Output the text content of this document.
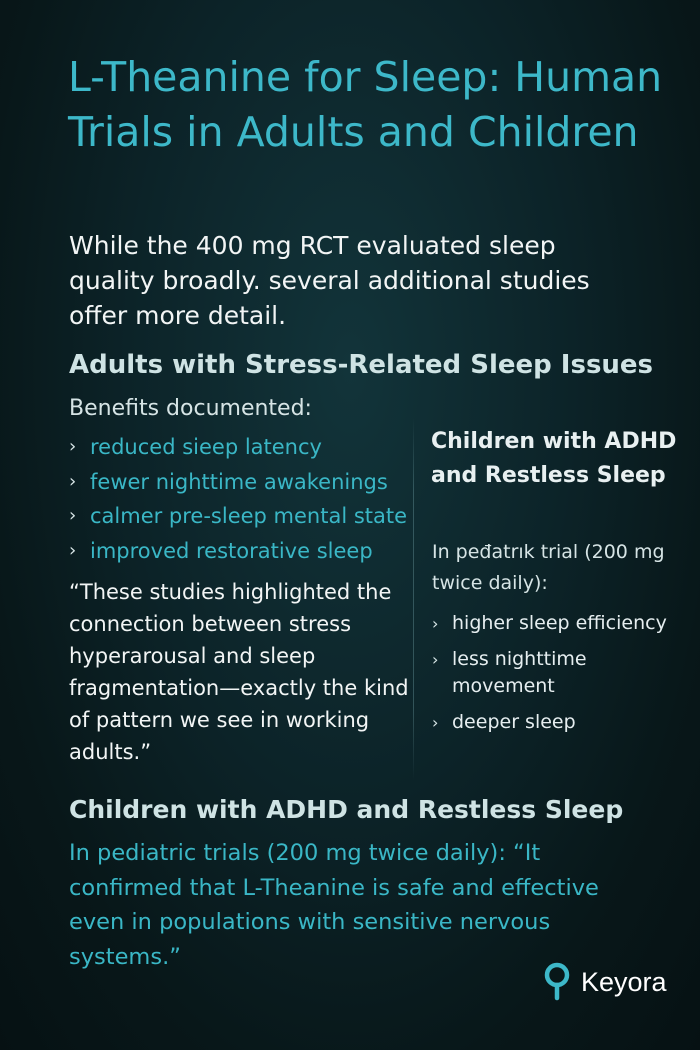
L-Theanine for Sleep: Human Trials in Adults and Children

While the 400 mg RCT evaluated sleep quality broadly. several additional studies offer more detail.

Adults with Stress-Related Sleep Issues
Benefits documented:
› reduced sieep latency
› fewer nighttime awakenings
› calmer pre-sleep mental state
› improved restorative sleep

“These studies highlighted the connection between stress hyperarousal and sleep fragmentation—exactly the kind of pattern we see in working adults.”

Children with ADHD and Restless Sleep

In peđatrık trial (200 mg twice daily):

› higher sleep efficiency
› less nighttime movement
› deeper sleep
Children with ADHD and Restless Sleep

In pediatric trials (200 mg twice daily): “It confirmed that L-Theanine is safe and effective even in populations with sensitive nervous systems.”

Keyora
